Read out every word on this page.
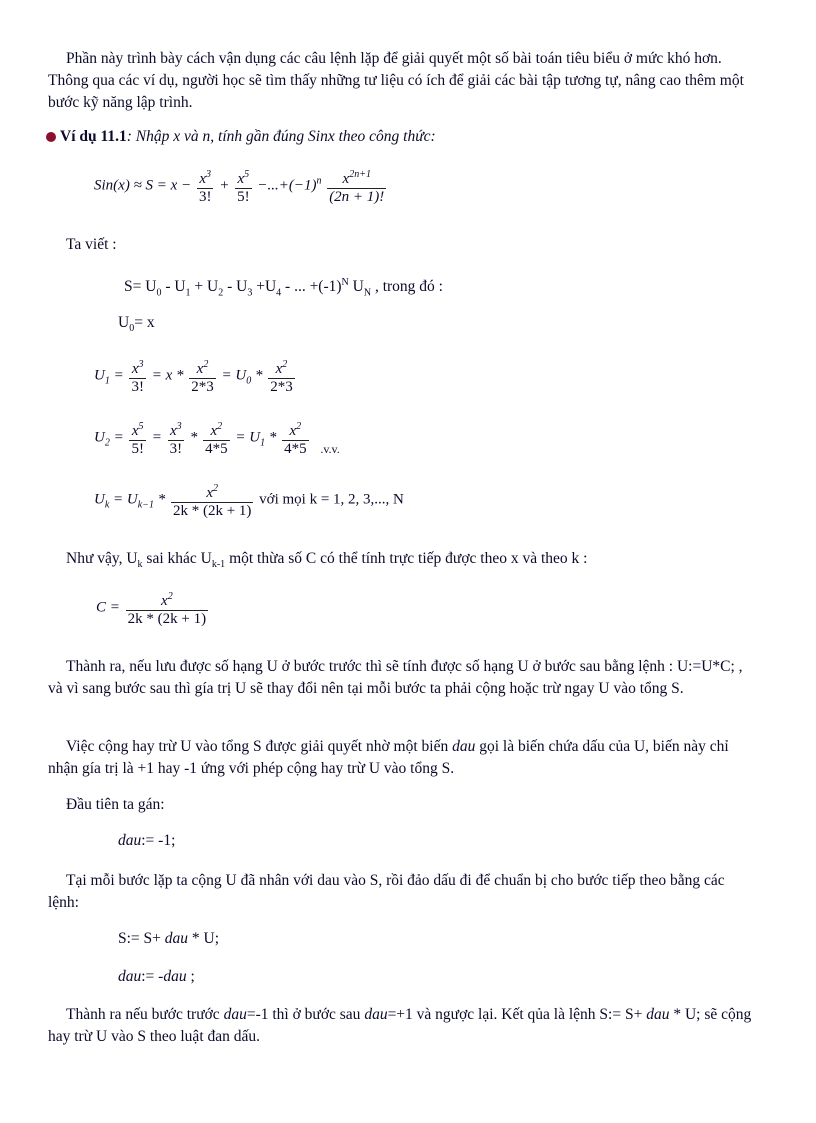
Phần này trình bày cách vận dụng các câu lệnh lặp để giải quyết một số bài toán tiêu biểu ở mức khó hơn. Thông qua các ví dụ, người học sẽ tìm thấy những tư liệu có ích để giải các bài tập tương tự, nâng cao thêm một bước kỹ năng lập trình.
Ví dụ 11.1: Nhập x và n, tính gần đúng Sinx theo công thức:
$Sin(x) \approx S = x - \frac{x^3}{3!} + \frac{x^5}{5!} -...+(-1)^n \frac{x^{2n+1}}{(2n + 1)!}$
Ta viết :
$S= U_0 - U_1 + U_2 - U_3 +U_4$ - ... $+(-1)^N$ $U_N$ , trong đó :
$U_0= x$
$U_1 = \frac{x^3}{3!} = x * \frac{x^2}{2*3} = U_0 * \frac{x^2}{2*3}$
$U_2 = \frac{x^5}{5!} = \frac{x^3}{3!} * \frac{x^2}{4*5} = U_1 * \frac{x^2}{4*5} _{.v.v.}$
$U_k = U_{k-1} * \frac{x^2}{2k * (2k + 1)}$ với mọi k = 1, 2, 3,..., N
Như vậy, $U_k$ sai khác $U_{k-1}$ một thừa số C có thể tính trực tiếp được theo x và theo k :
$C = \frac{x^2}{2k * (2k + 1)}$
Thành ra, nếu lưu được số hạng U ở bước trước thì sẽ tính được số hạng U ở bước sau bằng lệnh : U:=U*C; , và vì sang bước sau thì gía trị U sẽ thay đổi nên tại mỗi bước ta phải cộng hoặc trừ ngay U vào tổng S.
Việc cộng hay trừ U vào tổng S được giải quyết nhờ một biến dau gọi là biến chứa dấu của U, biến này chỉ nhận gía trị là +1 hay -1 ứng với phép cộng hay trừ U vào tổng S.
Đầu tiên ta gán:
dau:= -1;
Tại mỗi bước lặp ta cộng U đã nhân với dau vào S, rồi đảo dấu đi để chuẩn bị cho bước tiếp theo bằng các lệnh:
S:= S+ dau * U;
dau:= -dau ;
Thành ra nếu bước trước dau=-1 thì ở bước sau dau=+1 và ngược lại. Kết qủa là lệnh S:= S+ dau * U; sẽ cộng hay trừ U vào S theo luật đan dấu.
